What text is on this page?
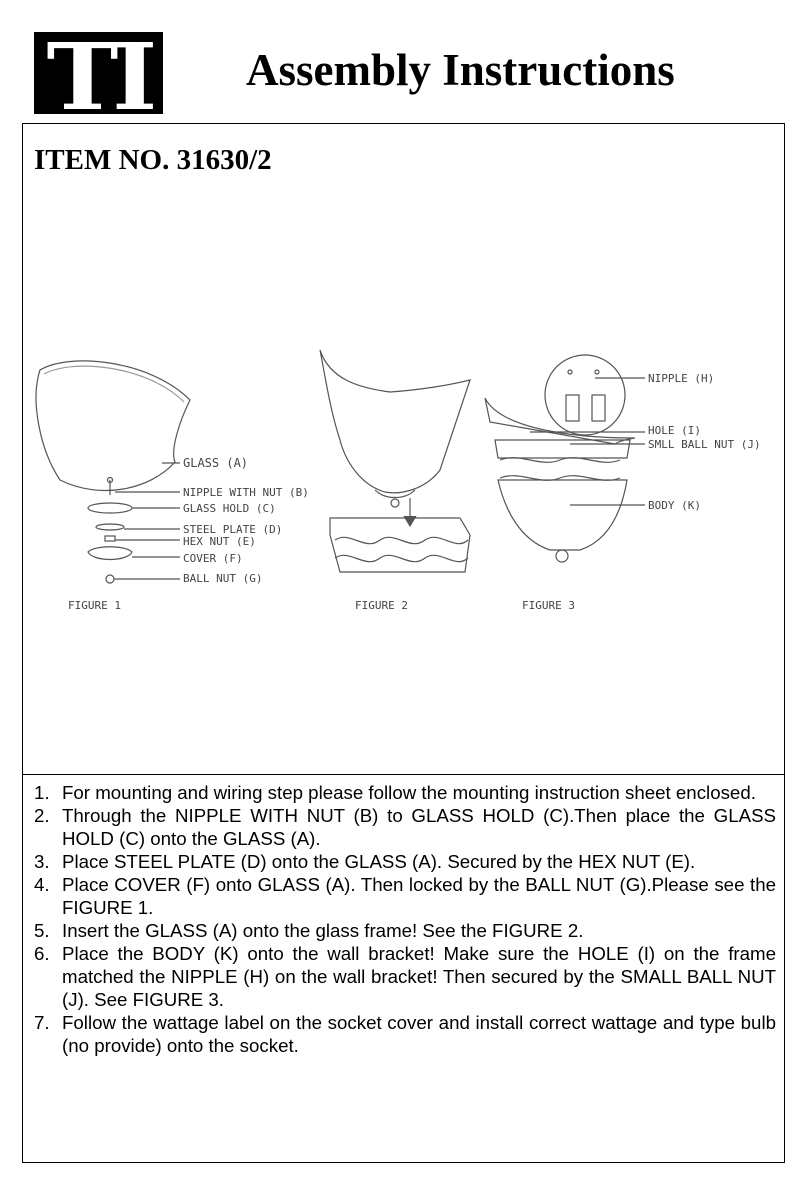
TI Assembly Instructions
ITEM NO. 31630/2
GLASS (A)
NIPPLE WITH NUT (B)
GLASS HOLD (C)
STEEL PLATE (D)
HEX NUT (E)
COVER (F)
BALL NUT (G)
NIPPLE (H)
HOLE (I)
SMLL BALL NUT (J)
BODY (K)
FIGURE 1	FIGURE 2	FIGURE 3
1. For mounting and wiring step please follow the mounting instruction sheet enclosed.
2. Through the NIPPLE WITH NUT (B) to GLASS HOLD (C).Then place the GLASS HOLD (C) onto the GLASS (A).
3. Place STEEL PLATE (D) onto the GLASS (A). Secured by the HEX NUT (E).
4. Place COVER (F) onto GLASS (A). Then locked by the BALL NUT (G).Please see the FIGURE 1.
5. Insert the GLASS (A) onto the glass frame! See the FIGURE 2.
6. Place the BODY (K) onto the wall bracket! Make sure the HOLE (I) on the frame matched the NIPPLE (H) on the wall bracket! Then secured by the SMALL BALL NUT (J). See FIGURE 3.
7. Follow the wattage label on the socket cover and install correct wattage and type bulb (no provide) onto the socket.
